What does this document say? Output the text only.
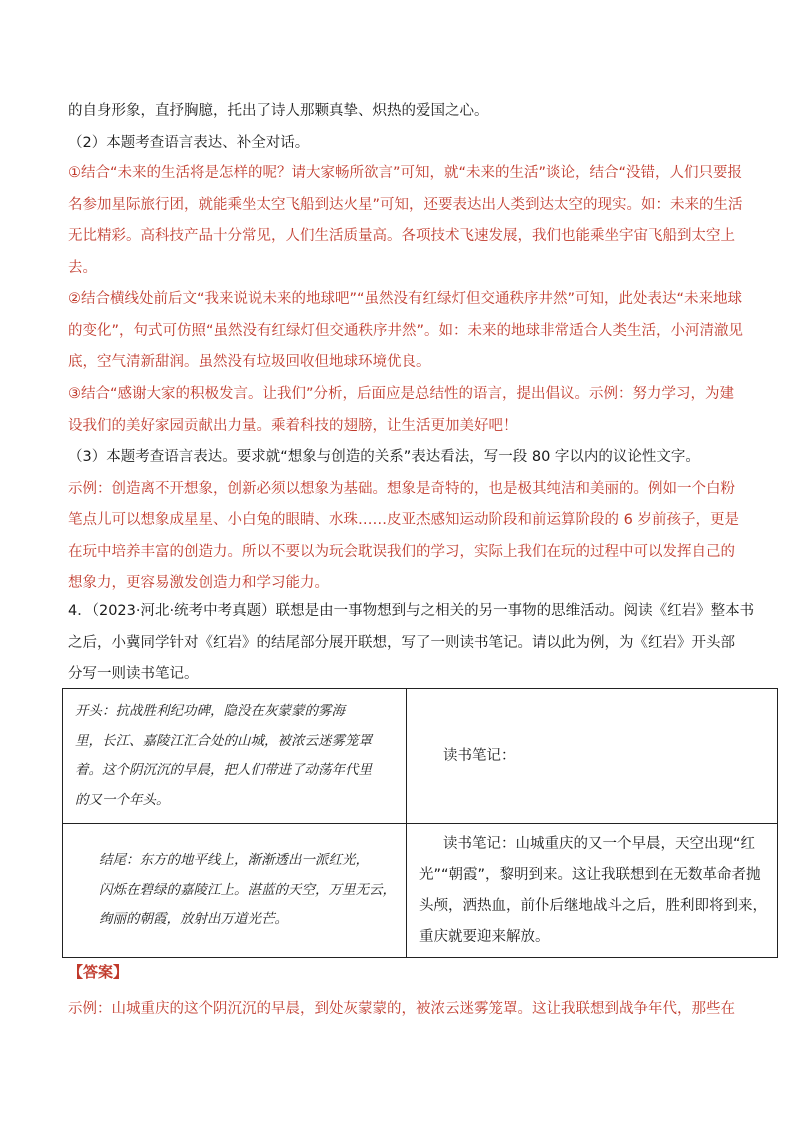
的自身形象，直抒胸臆，托出了诗人那颗真挚、炽热的爱国之心。
（2）本题考查语言表达、补全对话。
①结合“未来的生活将是怎样的呢？请大家畅所欲言”可知，就“未来的生活”谈论，结合“没错，人们只要报
名参加星际旅行团，就能乘坐太空飞船到达火星”可知，还要表达出人类到达太空的现实。如：未来的生活
无比精彩。高科技产品十分常见，人们生活质量高。各项技术飞速发展，我们也能乘坐宇宙飞船到太空上
去。
②结合横线处前后文“我来说说未来的地球吧”“虽然没有红绿灯但交通秩序井然”可知，此处表达“未来地球
的变化”，句式可仿照“虽然没有红绿灯但交通秩序井然”。如：未来的地球非常适合人类生活，小河清澈见
底，空气清新甜润。虽然没有垃圾回收但地球环境优良。
③结合“感谢大家的积极发言。让我们”分析，后面应是总结性的语言，提出倡议。示例：努力学习，为建
设我们的美好家园贡献出力量。乘着科技的翅膀，让生活更加美好吧！
（3）本题考查语言表达。要求就“想象与创造的关系”表达看法，写一段 80 字以内的议论性文字。
示例：创造离不开想象，创新必须以想象为基础。想象是奇特的，也是极其纯洁和美丽的。例如一个白粉
笔点儿可以想象成星星、小白兔的眼睛、水珠……皮亚杰感知运动阶段和前运算阶段的 6 岁前孩子，更是
在玩中培养丰富的创造力。所以不要以为玩会耽误我们的学习，实际上我们在玩的过程中可以发挥自己的
想象力，更容易激发创造力和学习能力。
4．（2023·河北·统考中考真题）联想是由一事物想到与之相关的另一事物的思维活动。阅读《红岩》整本书
之后，小冀同学针对《红岩》的结尾部分展开联想，写了一则读书笔记。请以此为例，为《红岩》开头部
分写一则读书笔记。
开头：抗战胜利纪功碑，隐没在灰蒙蒙的雾海
里，长江、嘉陵江汇合处的山城，被浓云迷雾笼罩
着。这个阴沉沉的早晨，把人们带进了动荡年代里
的又一个年头。	读书笔记：

结尾：东方的地平线上，渐渐透出一派红光，
闪烁在碧绿的嘉陵江上。湛蓝的天空，万里无云，
绚丽的朝霞，放射出万道光芒。	读书笔记：山城重庆的又一个早晨，天空出现“红
光”“朝霞”，黎明到来。这让我联想到在无数革命者抛
头颅，洒热血，前仆后继地战斗之后，胜利即将到来，
重庆就要迎来解放。
【答案】
示例：山城重庆的这个阴沉沉的早晨，到处灰蒙蒙的，被浓云迷雾笼罩。这让我联想到战争年代，那些在
